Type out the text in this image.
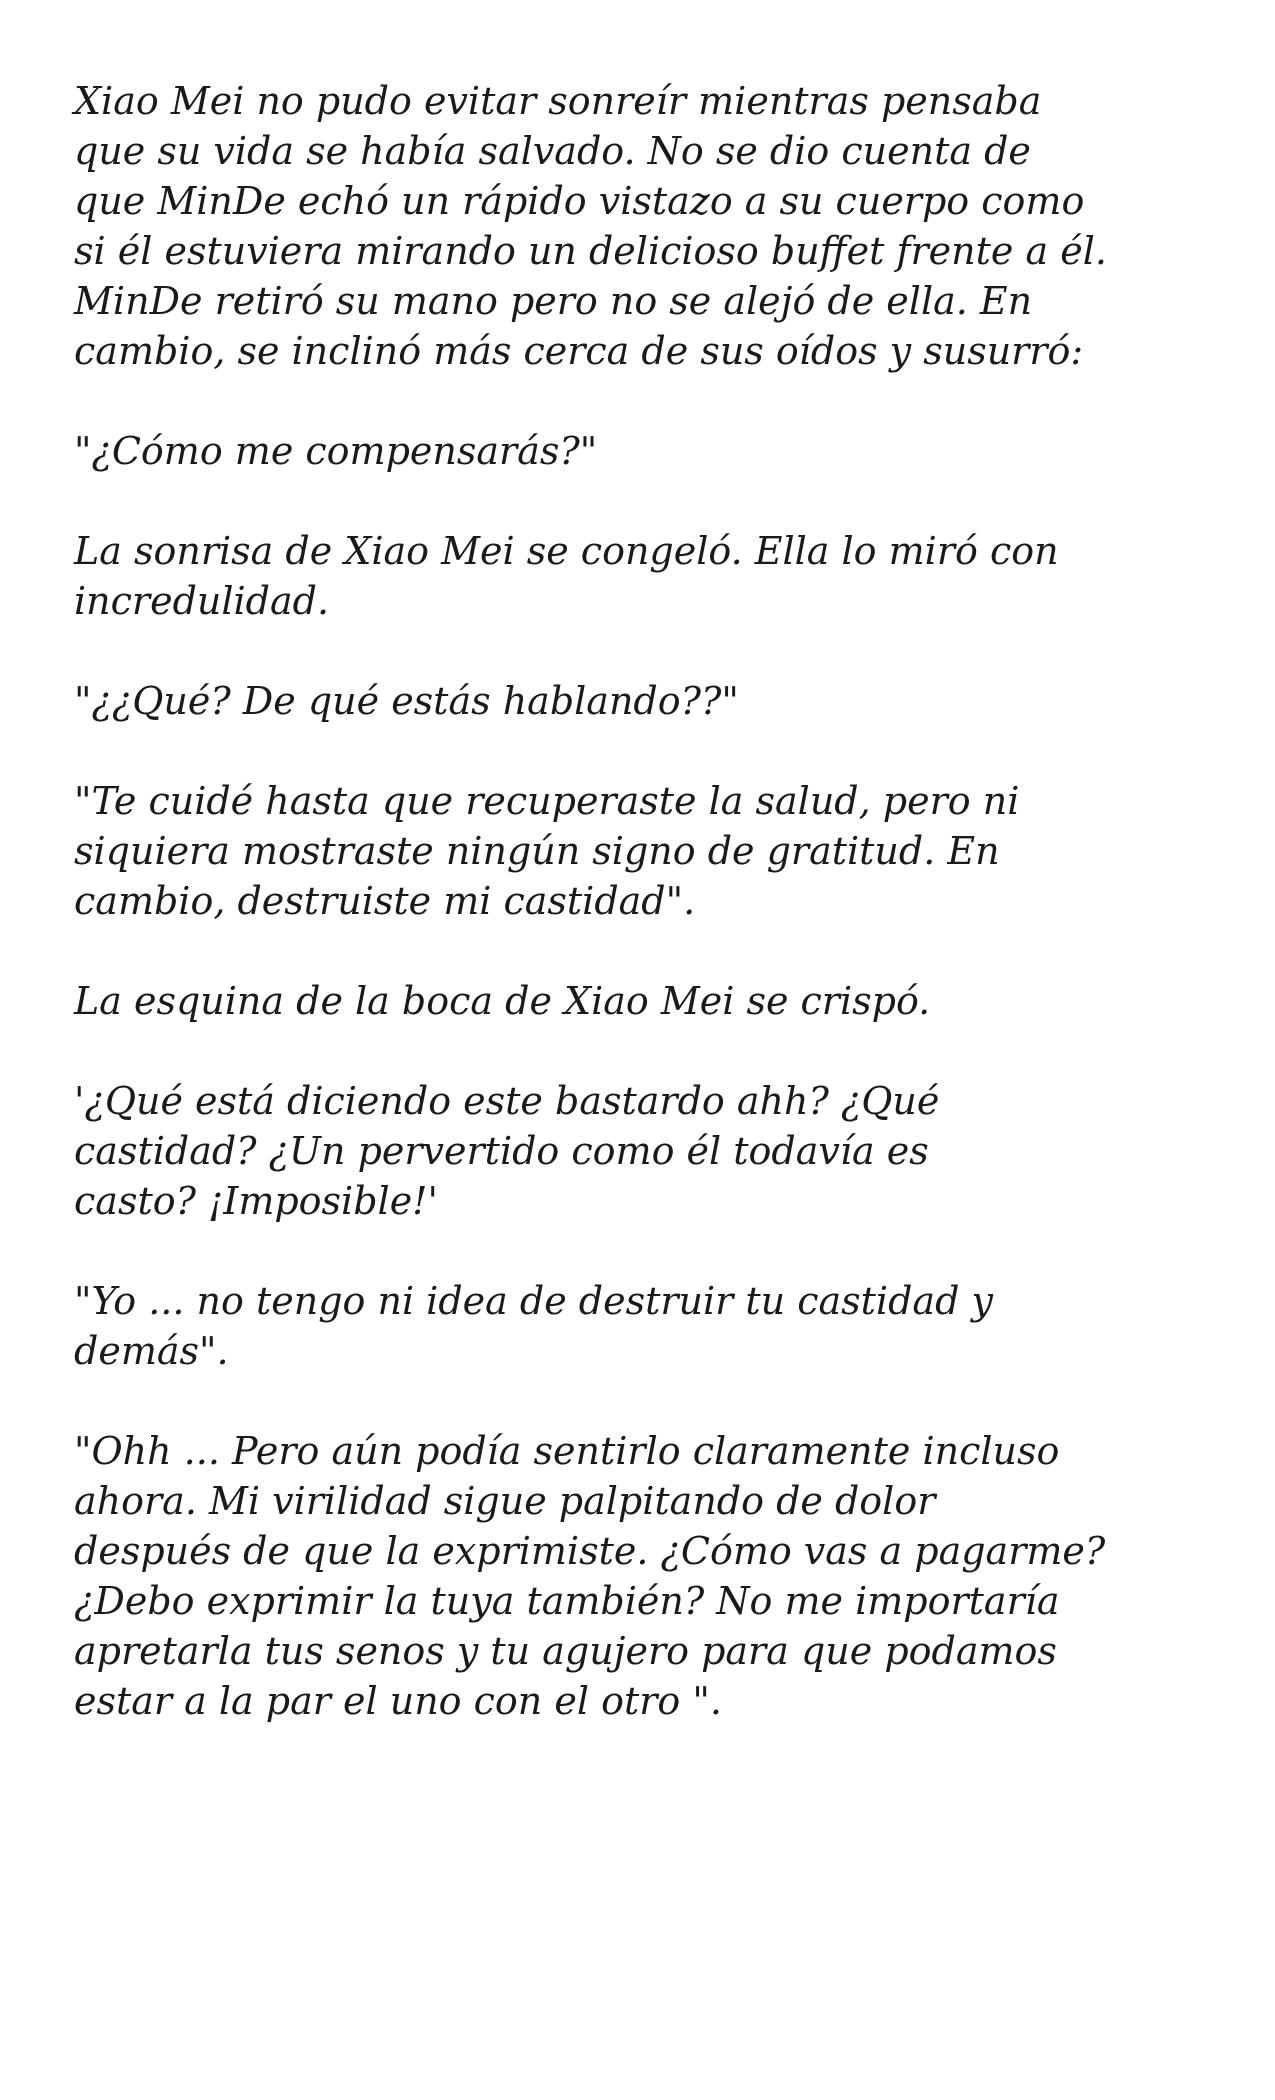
Xiao Mei no pudo evitar sonreír mientras pensaba
que su vida se había salvado. No se dio cuenta de
que MinDe echó un rápido vistazo a su cuerpo como
si él estuviera mirando un delicioso buffet frente a él.
MinDe retiró su mano pero no se alejó de ella. En
cambio, se inclinó más cerca de sus oídos y susurró:

"¿Cómo me compensarás?"

La sonrisa de Xiao Mei se congeló. Ella lo miró con
incredulidad.

"¿¿Qué? De qué estás hablando??"

"Te cuidé hasta que recuperaste la salud, pero ni
siquiera mostraste ningún signo de gratitud. En
cambio, destruiste mi castidad".

La esquina de la boca de Xiao Mei se crispó.

'¿Qué está diciendo este bastardo ahh? ¿Qué
castidad? ¿Un pervertido como él todavía es
casto? ¡Imposible!'

"Yo ... no tengo ni idea de destruir tu castidad y
demás".

"Ohh ... Pero aún podía sentirlo claramente incluso
ahora. Mi virilidad sigue palpitando de dolor
después de que la exprimiste. ¿Cómo vas a pagarme?
¿Debo exprimir la tuya también? No me importaría
apretarla tus senos y tu agujero para que podamos
estar a la par el uno con el otro ".
